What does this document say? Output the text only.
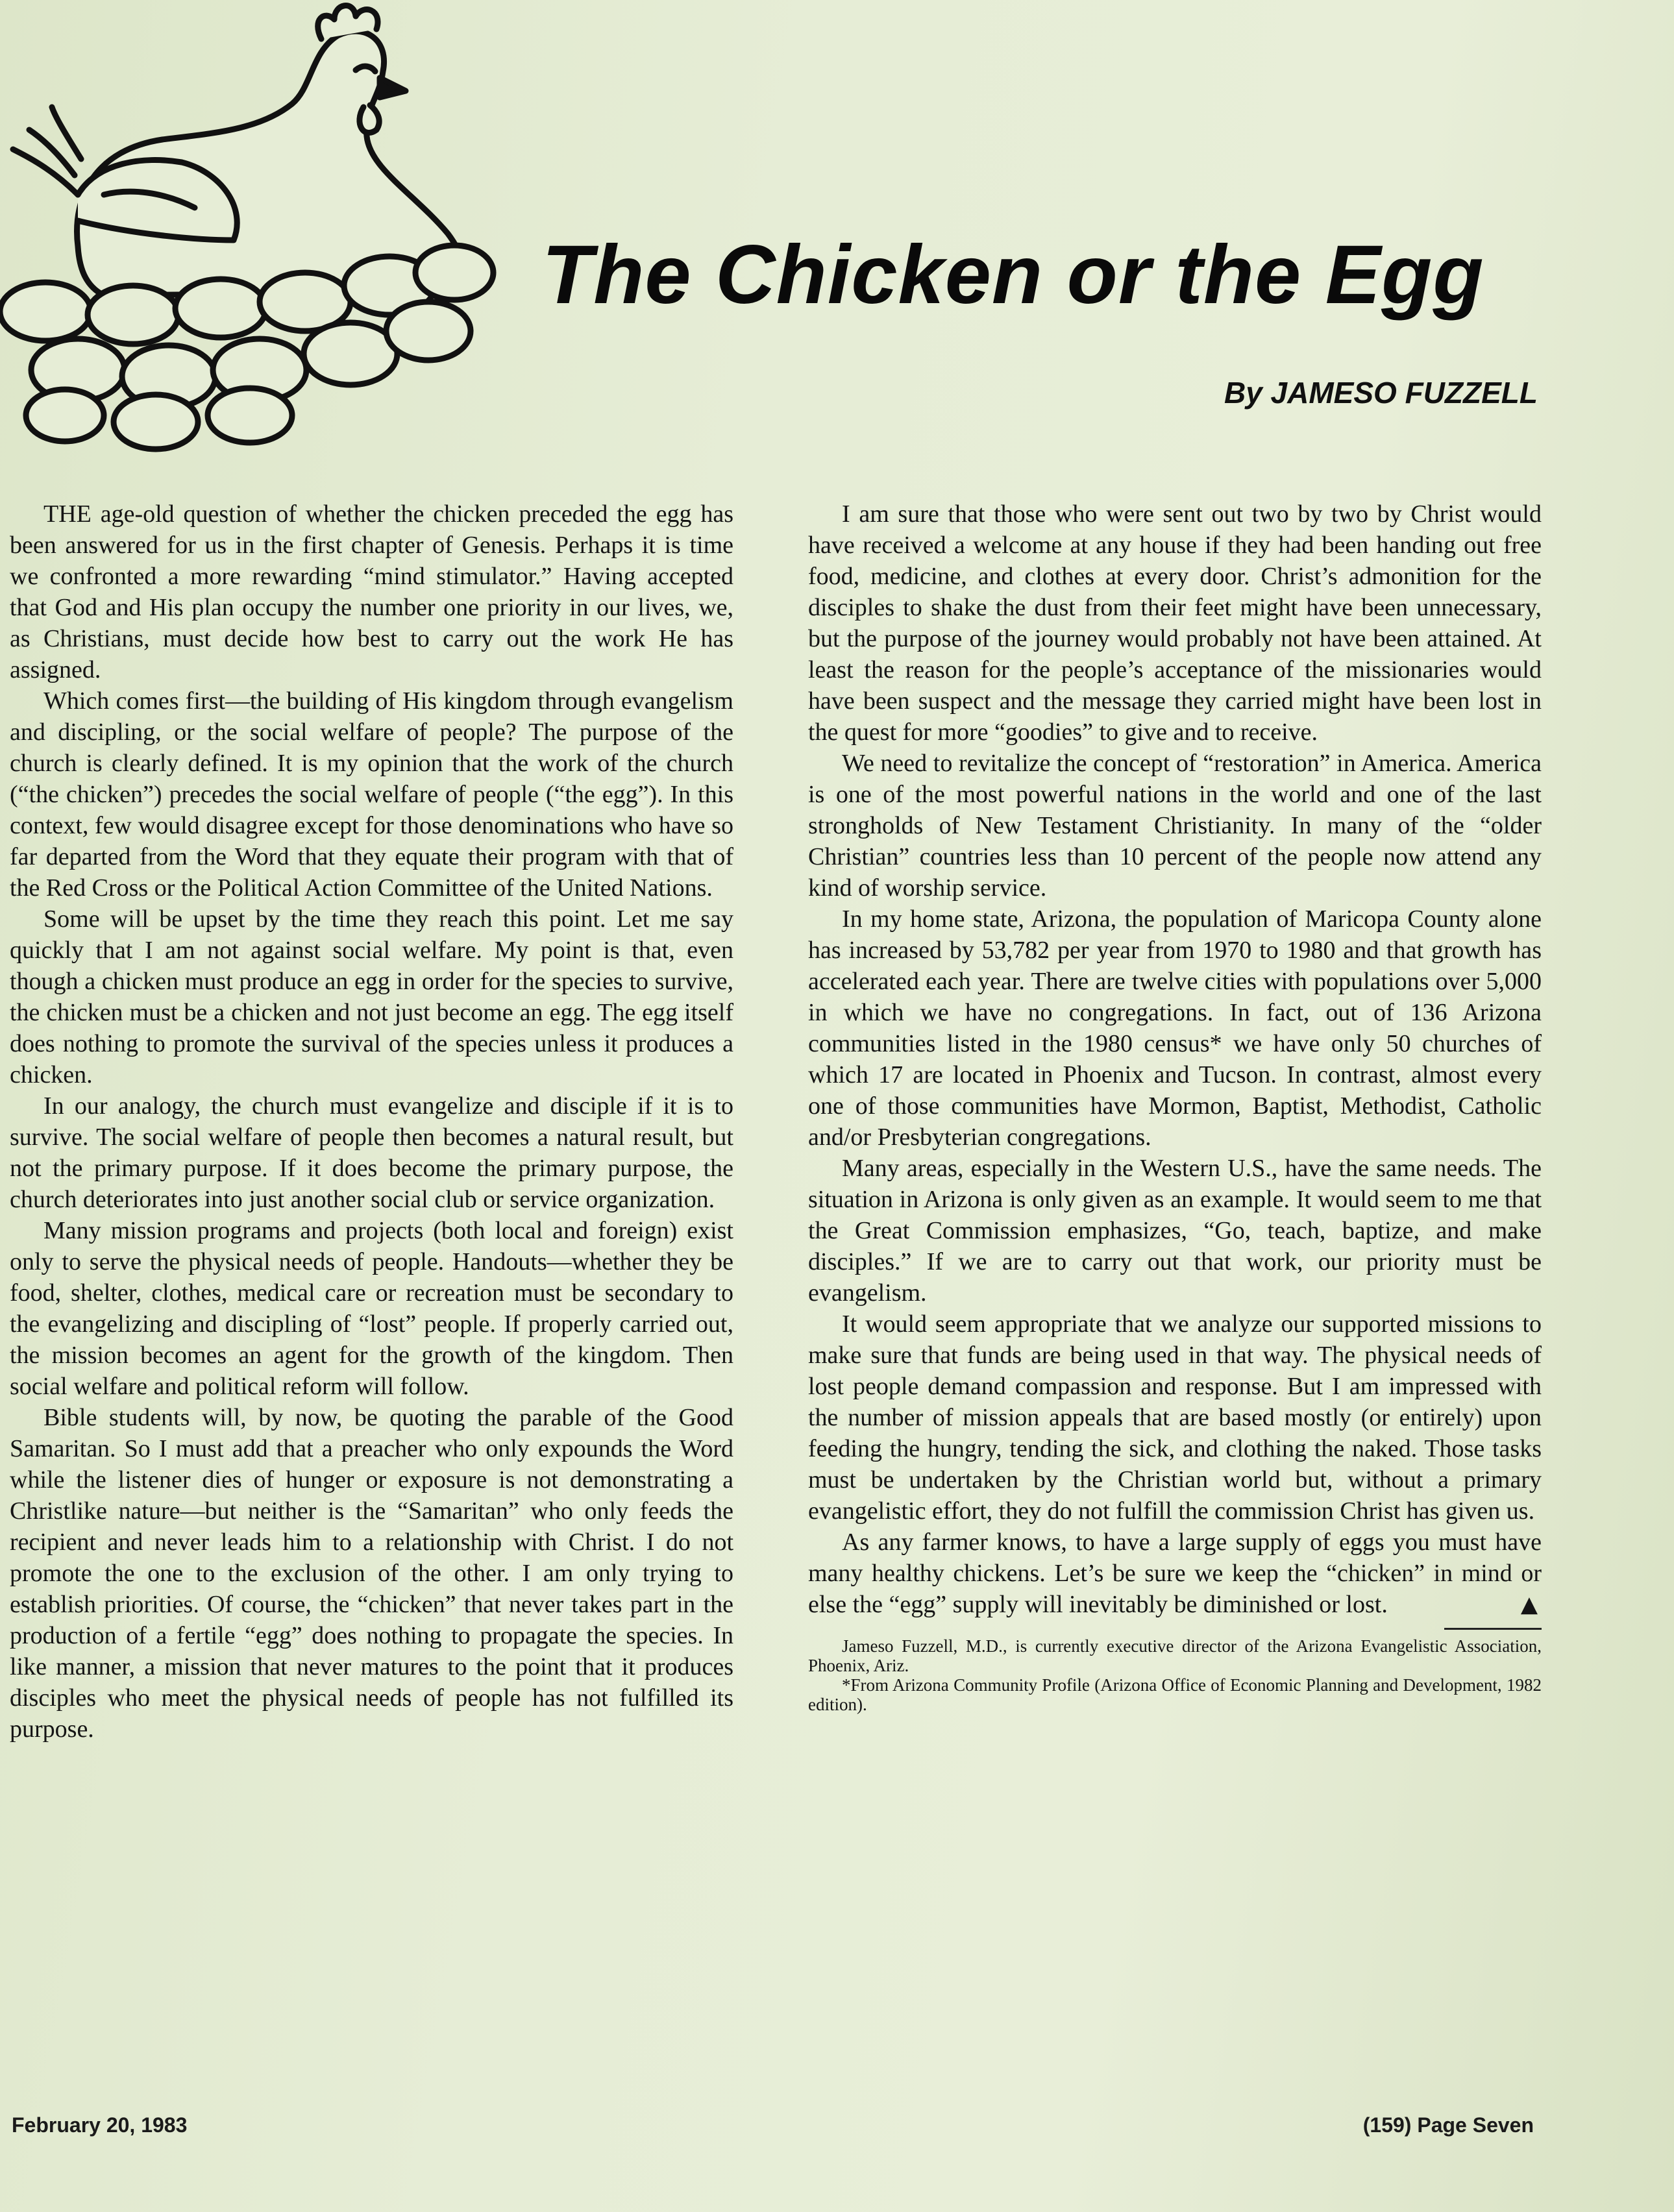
The Chicken or the Egg

By JAMESO FUZZELL

THE age-old question of whether the chicken preceded the egg has been answered for us in the first chapter of Genesis. Perhaps it is time we confronted a more rewarding “mind stimulator.” Having accepted that God and His plan occupy the number one priority in our lives, we, as Christians, must decide how best to carry out the work He has assigned.

Which comes first—the building of His kingdom through evangelism and discipling, or the social welfare of people? The purpose of the church is clearly defined. It is my opinion that the work of the church (“the chicken”) precedes the social welfare of people (“the egg”). In this context, few would disagree except for those denominations who have so far departed from the Word that they equate their program with that of the Red Cross or the Political Action Committee of the United Nations.

Some will be upset by the time they reach this point. Let me say quickly that I am not against social welfare. My point is that, even though a chicken must produce an egg in order for the species to survive, the chicken must be a chicken and not just become an egg. The egg itself does nothing to promote the survival of the species unless it produces a chicken.

In our analogy, the church must evangelize and disciple if it is to survive. The social welfare of people then becomes a natural result, but not the primary purpose. If it does become the primary purpose, the church deteriorates into just another social club or service organization.

Many mission programs and projects (both local and foreign) exist only to serve the physical needs of people. Handouts—whether they be food, shelter, clothes, medical care or recreation must be secondary to the evangelizing and discipling of “lost” people. If properly carried out, the mission becomes an agent for the growth of the kingdom. Then social welfare and political reform will follow.

Bible students will, by now, be quoting the parable of the Good Samaritan. So I must add that a preacher who only expounds the Word while the listener dies of hunger or exposure is not demonstrating a Christlike nature—but neither is the “Samaritan” who only feeds the recipient and never leads him to a relationship with Christ. I do not promote the one to the exclusion of the other. I am only trying to establish priorities. Of course, the “chicken” that never takes part in the production of a fertile “egg” does nothing to propagate the species. In like manner, a mission that never matures to the point that it produces disciples who meet the physical needs of people has not fulfilled its purpose.

I am sure that those who were sent out two by two by Christ would have received a welcome at any house if they had been handing out free food, medicine, and clothes at every door. Christ’s admonition for the disciples to shake the dust from their feet might have been unnecessary, but the purpose of the journey would probably not have been attained. At least the reason for the people’s acceptance of the missionaries would have been suspect and the message they carried might have been lost in the quest for more “goodies” to give and to receive.

We need to revitalize the concept of “restoration” in America. America is one of the most powerful nations in the world and one of the last strongholds of New Testament Christianity. In many of the “older Christian” countries less than 10 percent of the people now attend any kind of worship service.

In my home state, Arizona, the population of Maricopa County alone has increased by 53,782 per year from 1970 to 1980 and that growth has accelerated each year. There are twelve cities with populations over 5,000 in which we have no congregations. In fact, out of 136 Arizona communities listed in the 1980 census* we have only 50 churches of which 17 are located in Phoenix and Tucson. In contrast, almost every one of those communities have Mormon, Baptist, Methodist, Catholic and/or Presbyterian congregations.

Many areas, especially in the Western U.S., have the same needs. The situation in Arizona is only given as an example. It would seem to me that the Great Commission emphasizes, “Go, teach, baptize, and make disciples.” If we are to carry out that work, our priority must be evangelism.

It would seem appropriate that we analyze our supported missions to make sure that funds are being used in that way. The physical needs of lost people demand compassion and response. But I am impressed with the number of mission appeals that are based mostly (or entirely) upon feeding the hungry, tending the sick, and clothing the naked. Those tasks must be undertaken by the Christian world but, without a primary evangelistic effort, they do not fulfill the commission Christ has given us.

As any farmer knows, to have a large supply of eggs you must have many healthy chickens. Let’s be sure we keep the “chicken” in mind or else the “egg” supply will inevitably be diminished or lost.	▲

Jameso Fuzzell, M.D., is currently executive director of the Arizona Evangelistic Association, Phoenix, Ariz.

*From Arizona Community Profile (Arizona Office of Economic Planning and Development, 1982 edition).

February 20, 1983	(159) Page Seven
